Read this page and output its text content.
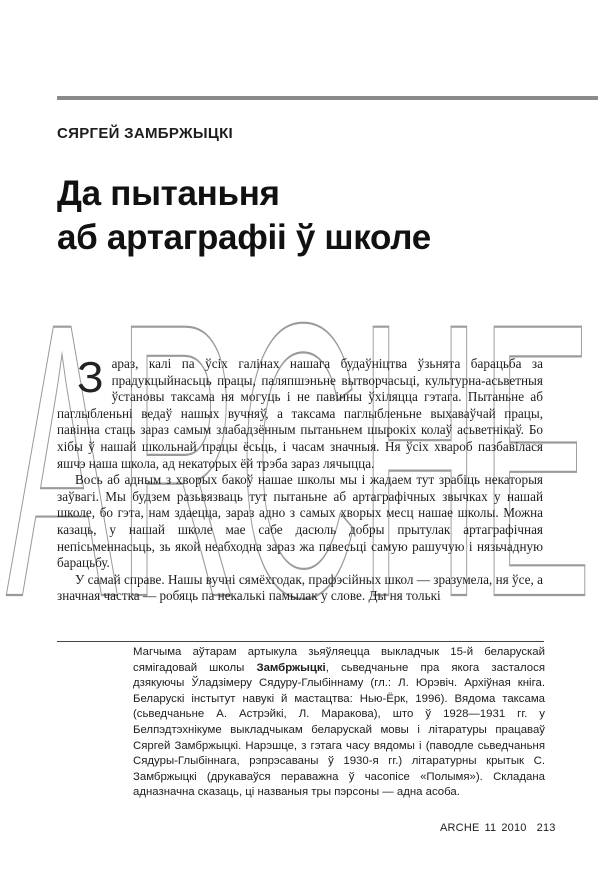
СЯРГЕЙ ЗАМБРЖЫЦКІ
Да пытаньня
аб артаграфіі ў школе
ARCHE

Зараз, калі па ўсіх галінах нашага будаўніцтва ўзьнята барацьба за прадукцыйнасьць працы, паляпшэньне вытворчасьці, культурна-асьветныя ўстановы таксама ня могуць і не павінны ўхіляцца гэтага. Пытаньне аб паглыбленьні ведаў нашых вучняў, а таксама паглыбленьне выхаваўчай працы, павінна стаць зараз самым злабадзённым пытаньнем шырокіх колаў асьветнікаў. Бо хібы ў нашай школьнай працы ёсьць, і часам значныя. Ня ўсіх хвароб пазбавілася яшчэ наша школа, ад некаторых ёй трэба зараз лячыцца.

Вось аб адным з хворых бакоў нашае школы мы і жадаем тут зрабіць некаторыя заўвагі. Мы будзем разьвязваць тут пытаньне аб артаграфічных звычках у нашай школе, бо гэта, нам здаецца, зараз адно з самых хворых месц нашае школы. Можна казаць, у нашай школе мае сабе дасюль добры прытулак артаграфічная непісьменнасьць, зь якой неабходна зараз жа павесьці самую рашучую і нязьчадную барацьбу.

У самай справе. Нашы вучні сямёхгодак, прафэсійных школ — зразумела, ня ўсе, а значная частка — робяць па некалькі памылак у слове. Ды ня толькі

Магчыма аўтарам артыкула зьяўляецца выкладчык 15-й беларускай сямігадовай школы Замбржыцкі, сьведчаньне пра якога засталося дзякуючы Ўладзімеру Сядуру-Глыбіннаму (гл.: Л. Юрэвіч. Архіўная кніга. Беларускі інстытут навукі й мастацтва: Нью-Ёрк, 1996). Вядома таксама (сьведчаньне А. Астрэйкі, Л. Маракова), што ў 1928—1931 гг. у Белпэдтэхнікуме выкладчыкам беларускай мовы і літаратуры працаваў Сяргей Замбржыцкі. Нарэшце, з гэтага часу вядомы і (паводле сьведчаньня Сядуры-Глыбіннага, рэпрэсаваны ў 1930-я гг.) літаратурны крытык С. Замбржыцкі (друкаваўся пераважна ў часопісе «Полымя»). Складана адназначна сказаць, ці названыя тры пэрсоны — адна асоба.
ARCHE 11 2010 213
